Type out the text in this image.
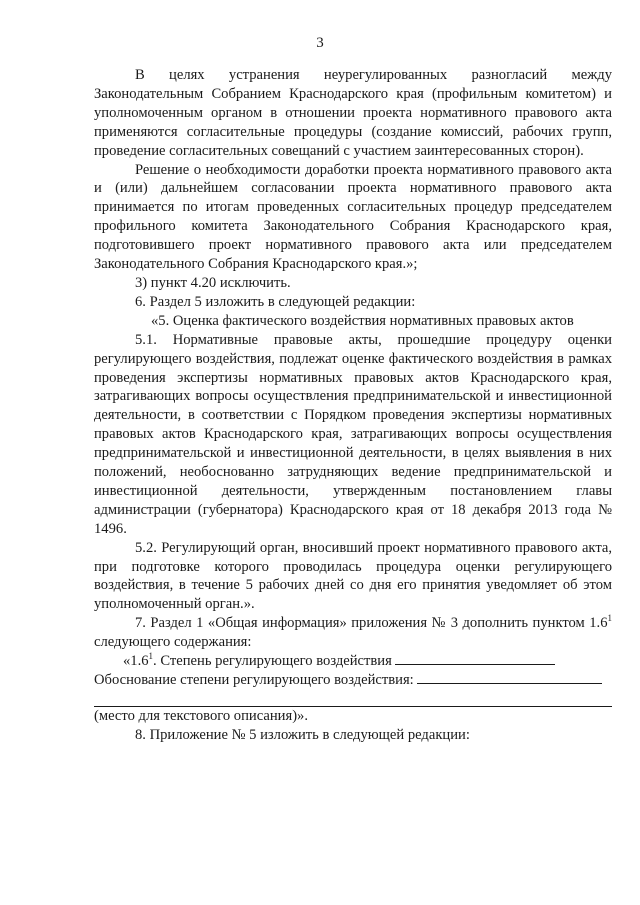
3

В целях устранения неурегулированных разногласий между Законодательным Собранием Краснодарского края (профильным комитетом) и уполномоченным органом в отношении проекта нормативного правового акта применяются согласительные процедуры (создание комиссий, рабочих групп, проведение согласительных совещаний с участием заинтересованных сторон).

Решение о необходимости доработки проекта нормативного правового акта и (или) дальнейшем согласовании проекта нормативного правового акта принимается по итогам проведенных согласительных процедур председателем профильного комитета Законодательного Собрания Краснодарского края, подготовившего проект нормативного правового акта или председателем Законодательного Собрания Краснодарского края.»;

3) пункт 4.20 исключить.

6. Раздел 5 изложить в следующей редакции:

«5. Оценка фактического воздействия нормативных правовых актов

5.1. Нормативные правовые акты, прошедшие процедуру оценки регулирующего воздействия, подлежат оценке фактического воздействия в рамках проведения экспертизы нормативных правовых актов Краснодарского края, затрагивающих вопросы осуществления предпринимательской и инвестиционной деятельности, в соответствии с Порядком проведения экспертизы нормативных правовых актов Краснодарского края, затрагивающих вопросы осуществления предпринимательской и инвестиционной деятельности, в целях выявления в них положений, необоснованно затрудняющих ведение предпринимательской и инвестиционной деятельности, утвержденным постановлением главы администрации (губернатора) Краснодарского края от 18 декабря 2013 года № 1496.

5.2. Регулирующий орган, вносивший проект нормативного правового акта, при подготовке которого проводилась процедура оценки регулирующего воздействия, в течение 5 рабочих дней со дня его принятия уведомляет об этом уполномоченный орган.».

7. Раздел 1 «Общая информация» приложения № 3 дополнить пунктом $1.6^1$ следующего содержания:

«$1.6^1$. Степень регулирующего воздействия

Обоснование степени регулирующего воздействия:

(место для текстового описания)».

8. Приложение № 5 изложить в следующей редакции:
